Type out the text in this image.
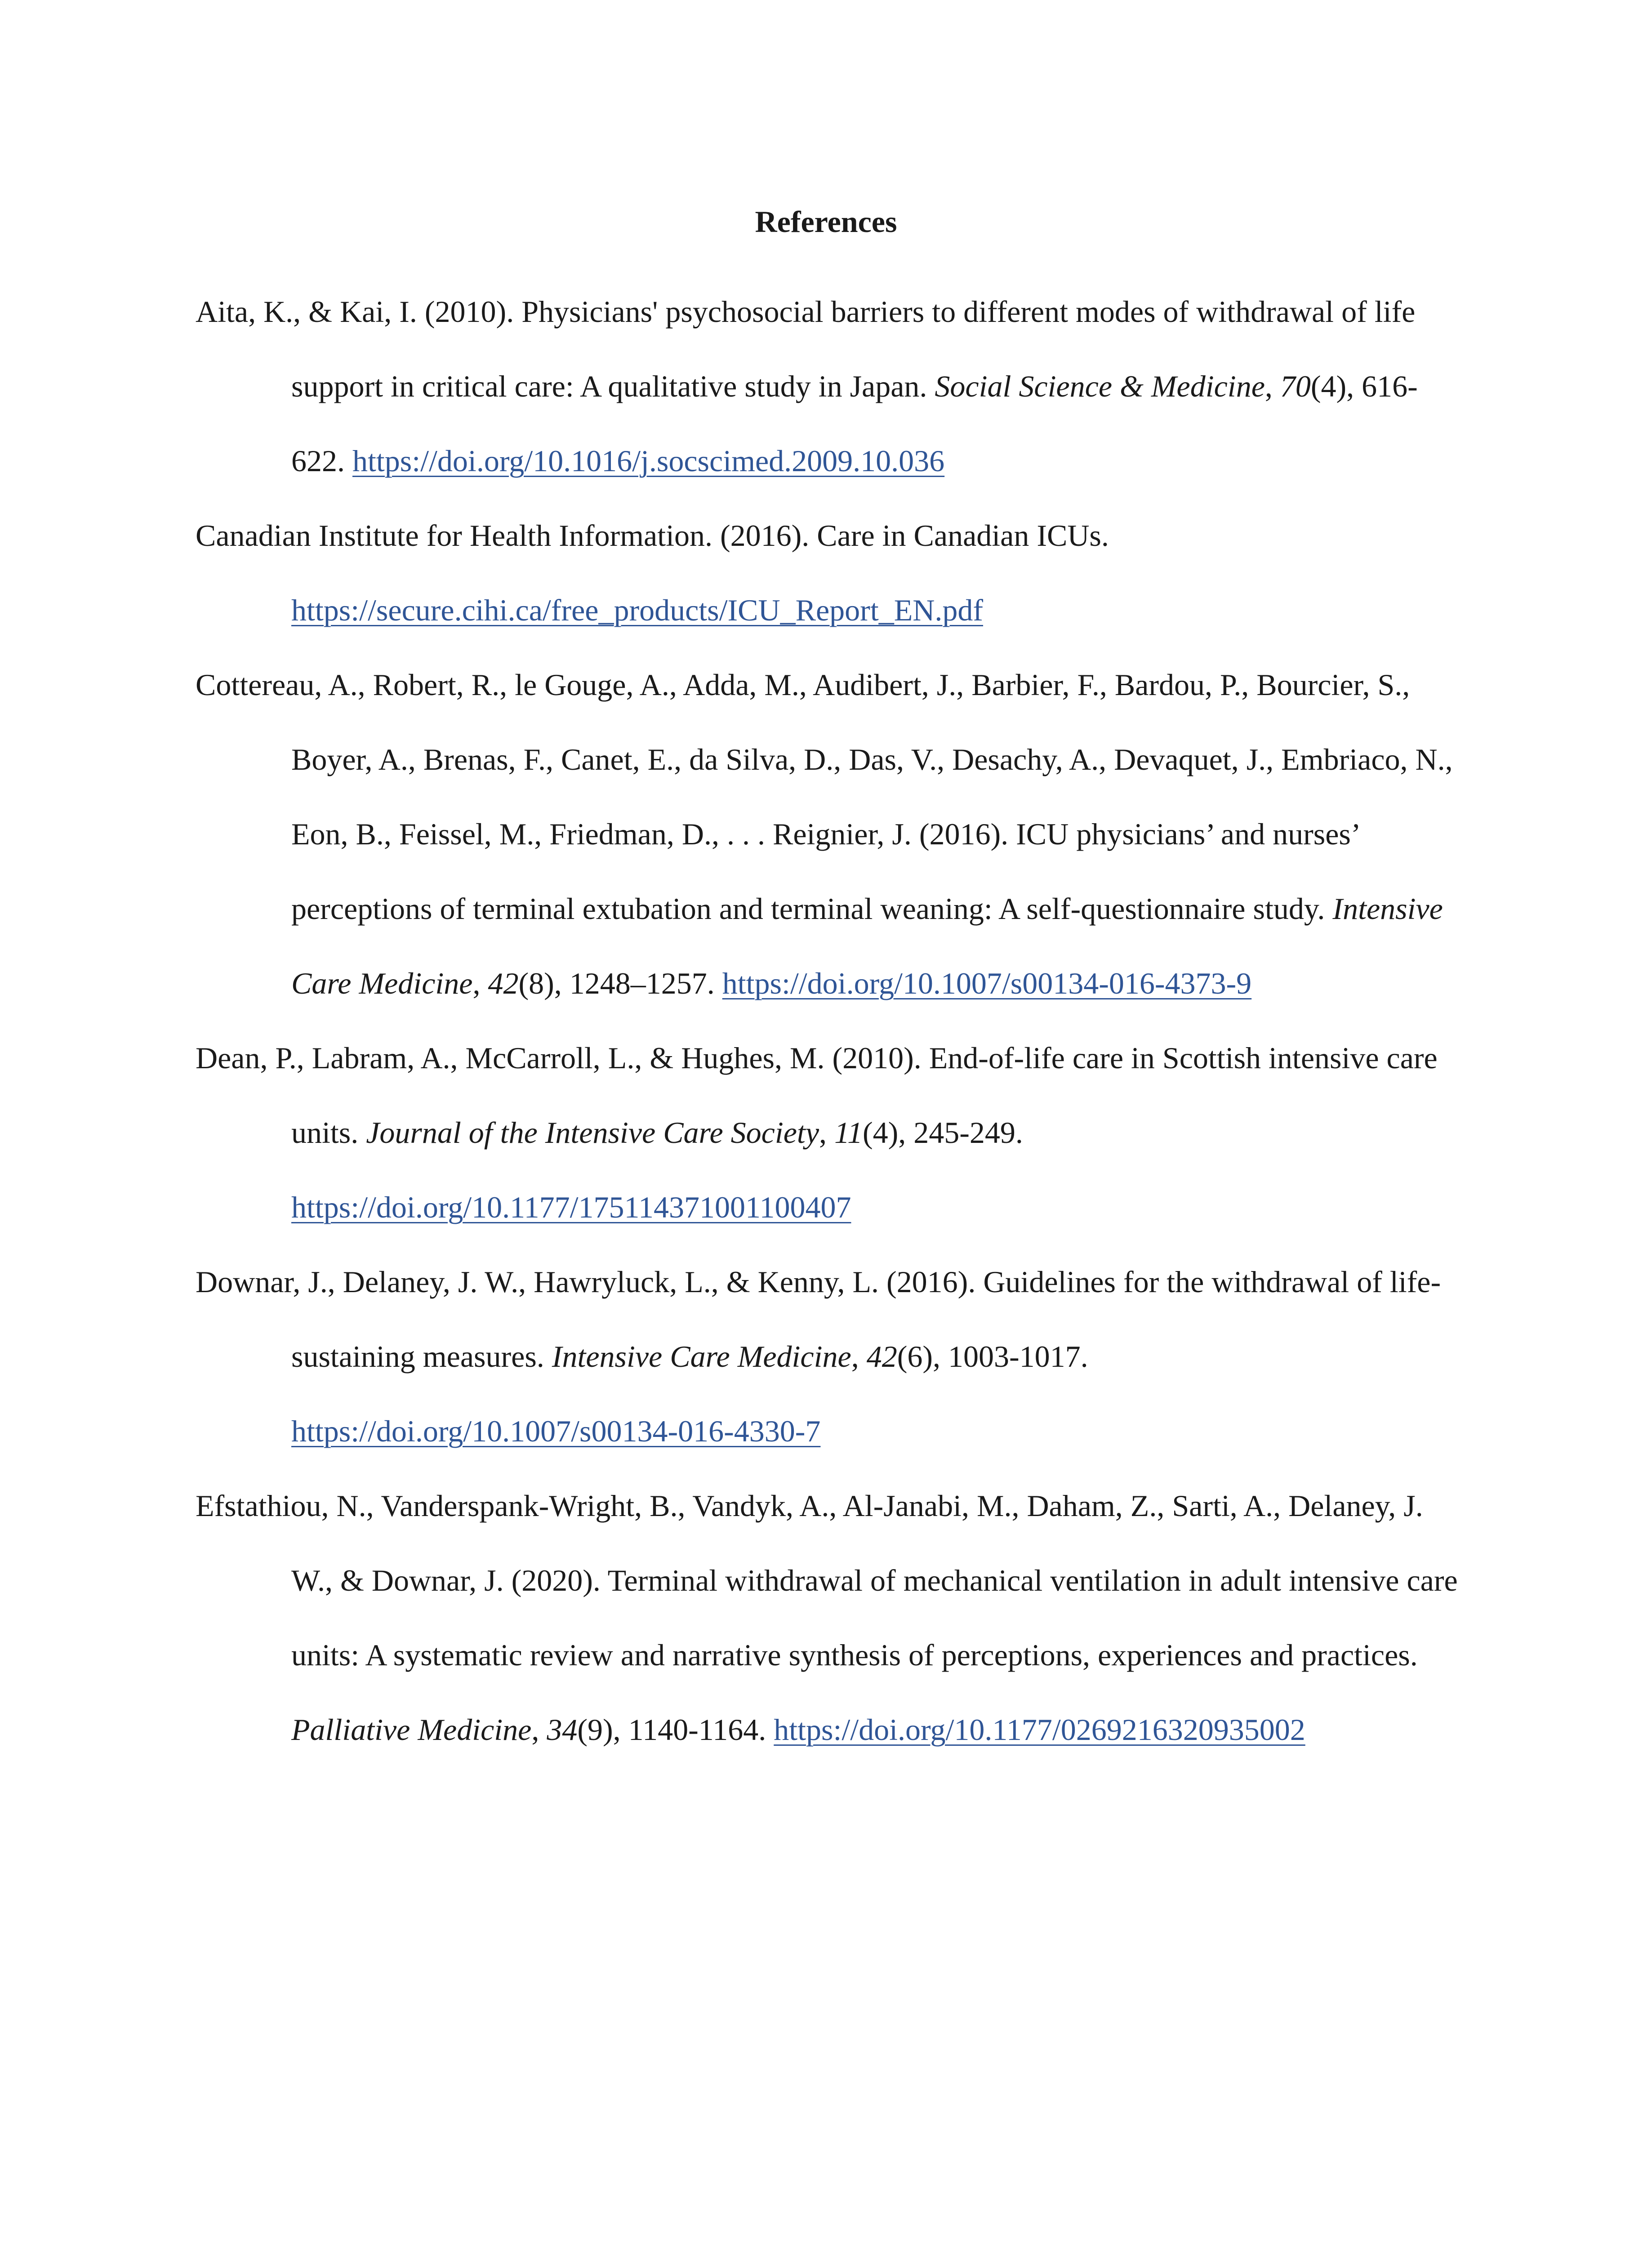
References

Aita, K., & Kai, I. (2010). Physicians' psychosocial barriers to different modes of withdrawal of life support in critical care: A qualitative study in Japan. Social Science & Medicine, 70(4), 616-622. https://doi.org/10.1016/j.socscimed.2009.10.036

Canadian Institute for Health Information. (2016). Care in Canadian ICUs. https://secure.cihi.ca/free_products/ICU_Report_EN.pdf

Cottereau, A., Robert, R., le Gouge, A., Adda, M., Audibert, J., Barbier, F., Bardou, P., Bourcier, S., Boyer, A., Brenas, F., Canet, E., da Silva, D., Das, V., Desachy, A., Devaquet, J., Embriaco, N., Eon, B., Feissel, M., Friedman, D., . . . Reignier, J. (2016). ICU physicians’ and nurses’ perceptions of terminal extubation and terminal weaning: A self-questionnaire study. Intensive Care Medicine, 42(8), 1248–1257. https://doi.org/10.1007/s00134-016-4373-9

Dean, P., Labram, A., McCarroll, L., & Hughes, M. (2010). End-of-life care in Scottish intensive care units. Journal of the Intensive Care Society, 11(4), 245-249. https://doi.org/10.1177/175114371001100407

Downar, J., Delaney, J. W., Hawryluck, L., & Kenny, L. (2016). Guidelines for the withdrawal of life-sustaining measures. Intensive Care Medicine, 42(6), 1003-1017. https://doi.org/10.1007/s00134-016-4330-7

Efstathiou, N., Vanderspank-Wright, B., Vandyk, A., Al-Janabi, M., Daham, Z., Sarti, A., Delaney, J. W., & Downar, J. (2020). Terminal withdrawal of mechanical ventilation in adult intensive care units: A systematic review and narrative synthesis of perceptions, experiences and practices. Palliative Medicine, 34(9), 1140-1164. https://doi.org/10.1177/0269216320935002
